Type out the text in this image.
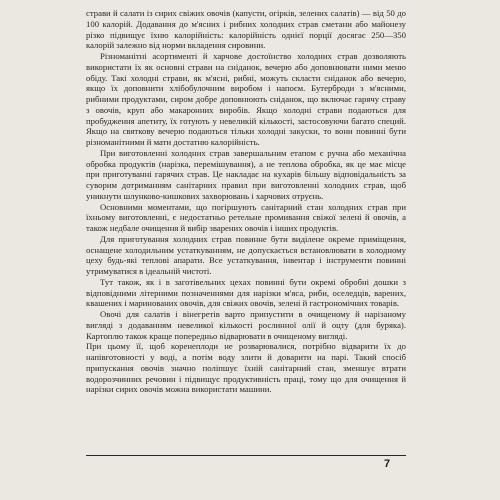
страви й салати із сирих свіжих овочів (капусти, огірків, зелених салатів) — від 50 до 100 калорій. Додавання до м'ясних і рибних холодних страв сметани або майонезу різко підвищує їхню калорійність: калорійність однієї порції досягає 250—350 калорій залежно від норми вкладення сировини.

Різноманітні асортименті й харчове достоїнство холодних страв дозволяють використати їх як основні страви на сніданок, вечерю або доповнювати ними меню обіду. Такі холодні страви, як м'ясні, рибні, можуть скласти сніданок або вечерю, якщо їх доповнити хлібобулочним виробом і напоєм. Бутерброди з м'ясними, рибними продуктами, сиром добре доповнюють сніданок, що включає гарячу страву з овочів, круп або макаронних виробів. Якщо холодні страви подаються для пробудження апетиту, їх готують у невеликій кількості, застосовуючи багато специй. Якщо на святкову вечерю подаються тільки холодні закуски, то вони повинні бути різноманітними й мати достатню калорійність.

При виготовленні холодних страв завершальним етапом є ручна або механічна обробка продуктів (нарізка, перемішування), а не теплова обробка, як це має місце при приготуванні гарячих страв. Це накладає на кухарів більшу відповідальність за суворим дотриманням санітарних правил при виготовленні холодних страв, щоб уникнути шлунково-кишкових захворювань і харчових отруєнь.

Основними моментами, що погіршують санітарний стан холодних страв при їхньому виготовленні, є недостатньо ретельне промивання свіжої зелені й овочів, а також недбале очищення й вибір зварених овочів і інших продуктів.

Для приготування холодних страв повинне бути виділене окреме приміщення, оснащене холодильним устаткуванням, не допускається встановлювати в холодному цеху будь-які теплові апарати. Все устаткування, інвентар і інструменти повинні утримуватися в ідеальній чистоті.

Тут також, як і в заготівельних цехах повинні бути окремі обробні дошки з відповідними літерними позначеннями для нарізки м'яса, риби, оселедців, варених, квашених і маринованих овочів, для свіжих овочів, зелені й гастрономічних товарів.

Овочі для салатів і вінегретів варто припустити в очищеному й нарізаному вигляді з додаванням невеликої кількості рослинної олії й оцту (для буряка). Картоплю також краще попередньо відварювати в очищеному вигляді.

При цьому її, щоб коренеплоди не розварювалися, потрібно відварити їх до напівготовності у воді, а потім воду злити й доварити на парі. Такий спосіб припускання овочів значно поліпшує їхній санітарний стан, зменшує втрати водорозчинних речовин і підвищує продуктивність праці, тому що для очищення й нарізки сирих овочів можна використати машини.

7
